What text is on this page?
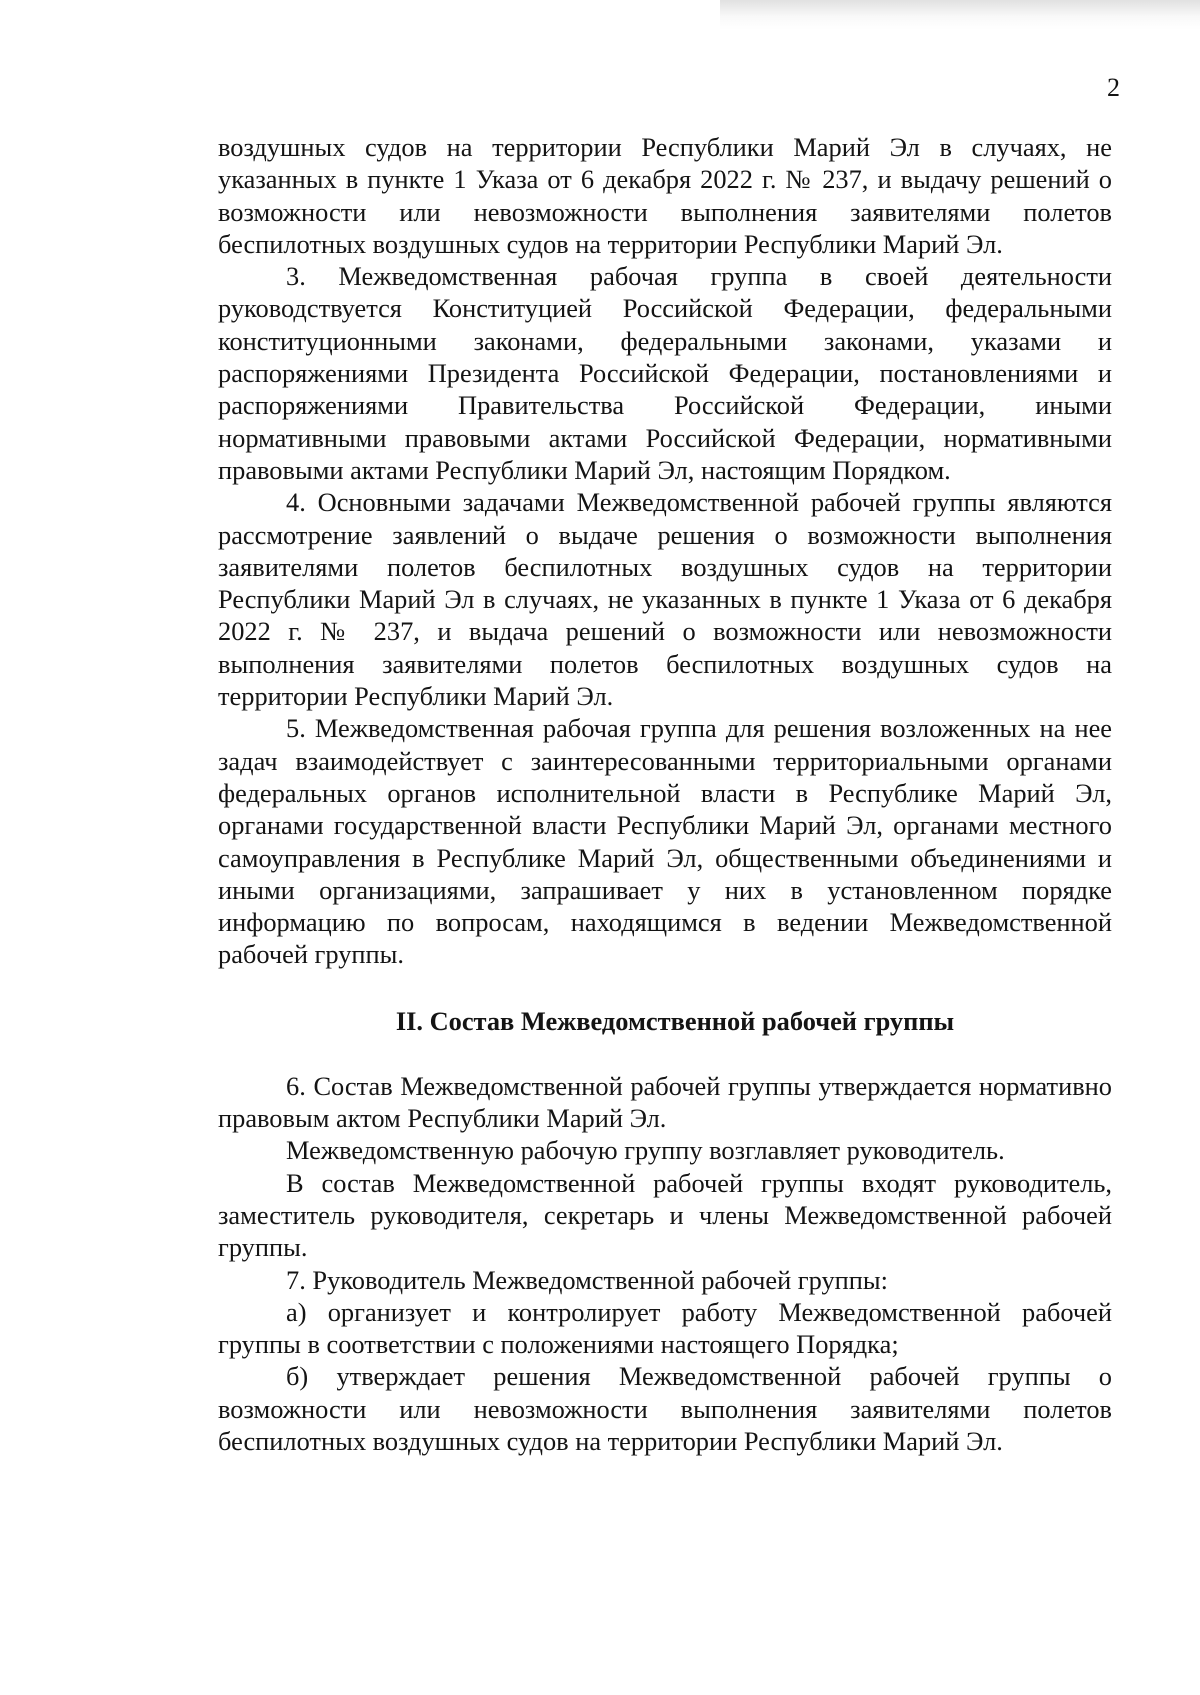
2

воздушных судов на территории Республики Марий Эл в случаях, не указанных в пункте 1 Указа от 6 декабря 2022 г. № 237, и выдачу решений о возможности или невозможности выполнения заявителями полетов беспилотных воздушных судов на территории Республики Марий Эл.

3. Межведомственная рабочая группа в своей деятельности руководствуется Конституцией Российской Федерации, федеральными конституционными законами, федеральными законами, указами и распоряжениями Президента Российской Федерации, постановлениями и распоряжениями Правительства Российской Федерации, иными нормативными правовыми актами Российской Федерации, нормативными правовыми актами Республики Марий Эл, настоящим Порядком.

4. Основными задачами Межведомственной рабочей группы являются рассмотрение заявлений о выдаче решения о возможности выполнения заявителями полетов беспилотных воздушных судов на территории Республики Марий Эл в случаях, не указанных в пункте 1 Указа от 6 декабря 2022 г. № 237, и выдача решений о возможности или невозможности выполнения заявителями полетов беспилотных воздушных судов на территории Республики Марий Эл.

5. Межведомственная рабочая группа для решения возложенных на нее задач взаимодействует с заинтересованными территориальными органами федеральных органов исполнительной власти в Республике Марий Эл, органами государственной власти Республики Марий Эл, органами местного самоуправления в Республике Марий Эл, общественными объединениями и иными организациями, запрашивает у них в установленном порядке информацию по вопросам, находящимся в ведении Межведомственной рабочей группы.

II. Состав Межведомственной рабочей группы

6. Состав Межведомственной рабочей группы утверждается нормативно правовым актом Республики Марий Эл.

Межведомственную рабочую группу возглавляет руководитель.

В состав Межведомственной рабочей группы входят руководитель, заместитель руководителя, секретарь и члены Межведомственной рабочей группы.

7. Руководитель Межведомственной рабочей группы:

а) организует и контролирует работу Межведомственной рабочей группы в соответствии с положениями настоящего Порядка;

б) утверждает решения Межведомственной рабочей группы о возможности или невозможности выполнения заявителями полетов беспилотных воздушных судов на территории Республики Марий Эл.
